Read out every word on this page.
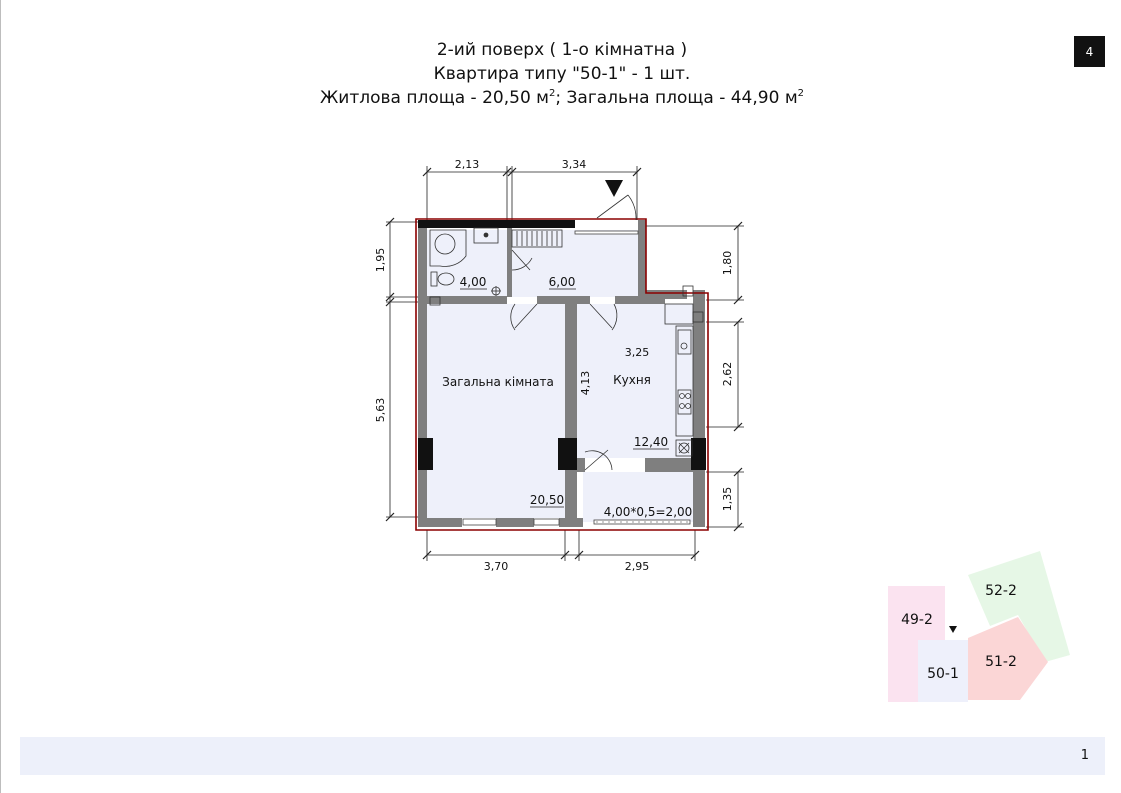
2-ий поверх ( 1-о кімнатна )
Квартира типу "50-1" - 1 шт.
Житлова площа - 20,50 $м^2$; Загальна площа - 44,90 $м^2$
4
2,13	3,34
1,95
5,63
1,80
2,62
1,35
3,70	2,95
3,25
4,13
4,00	6,00
Загальна кімната
20,50
Кухня
12,40
4,00*0,5=2,00
49-2
52-2
51-2
50-1
1
